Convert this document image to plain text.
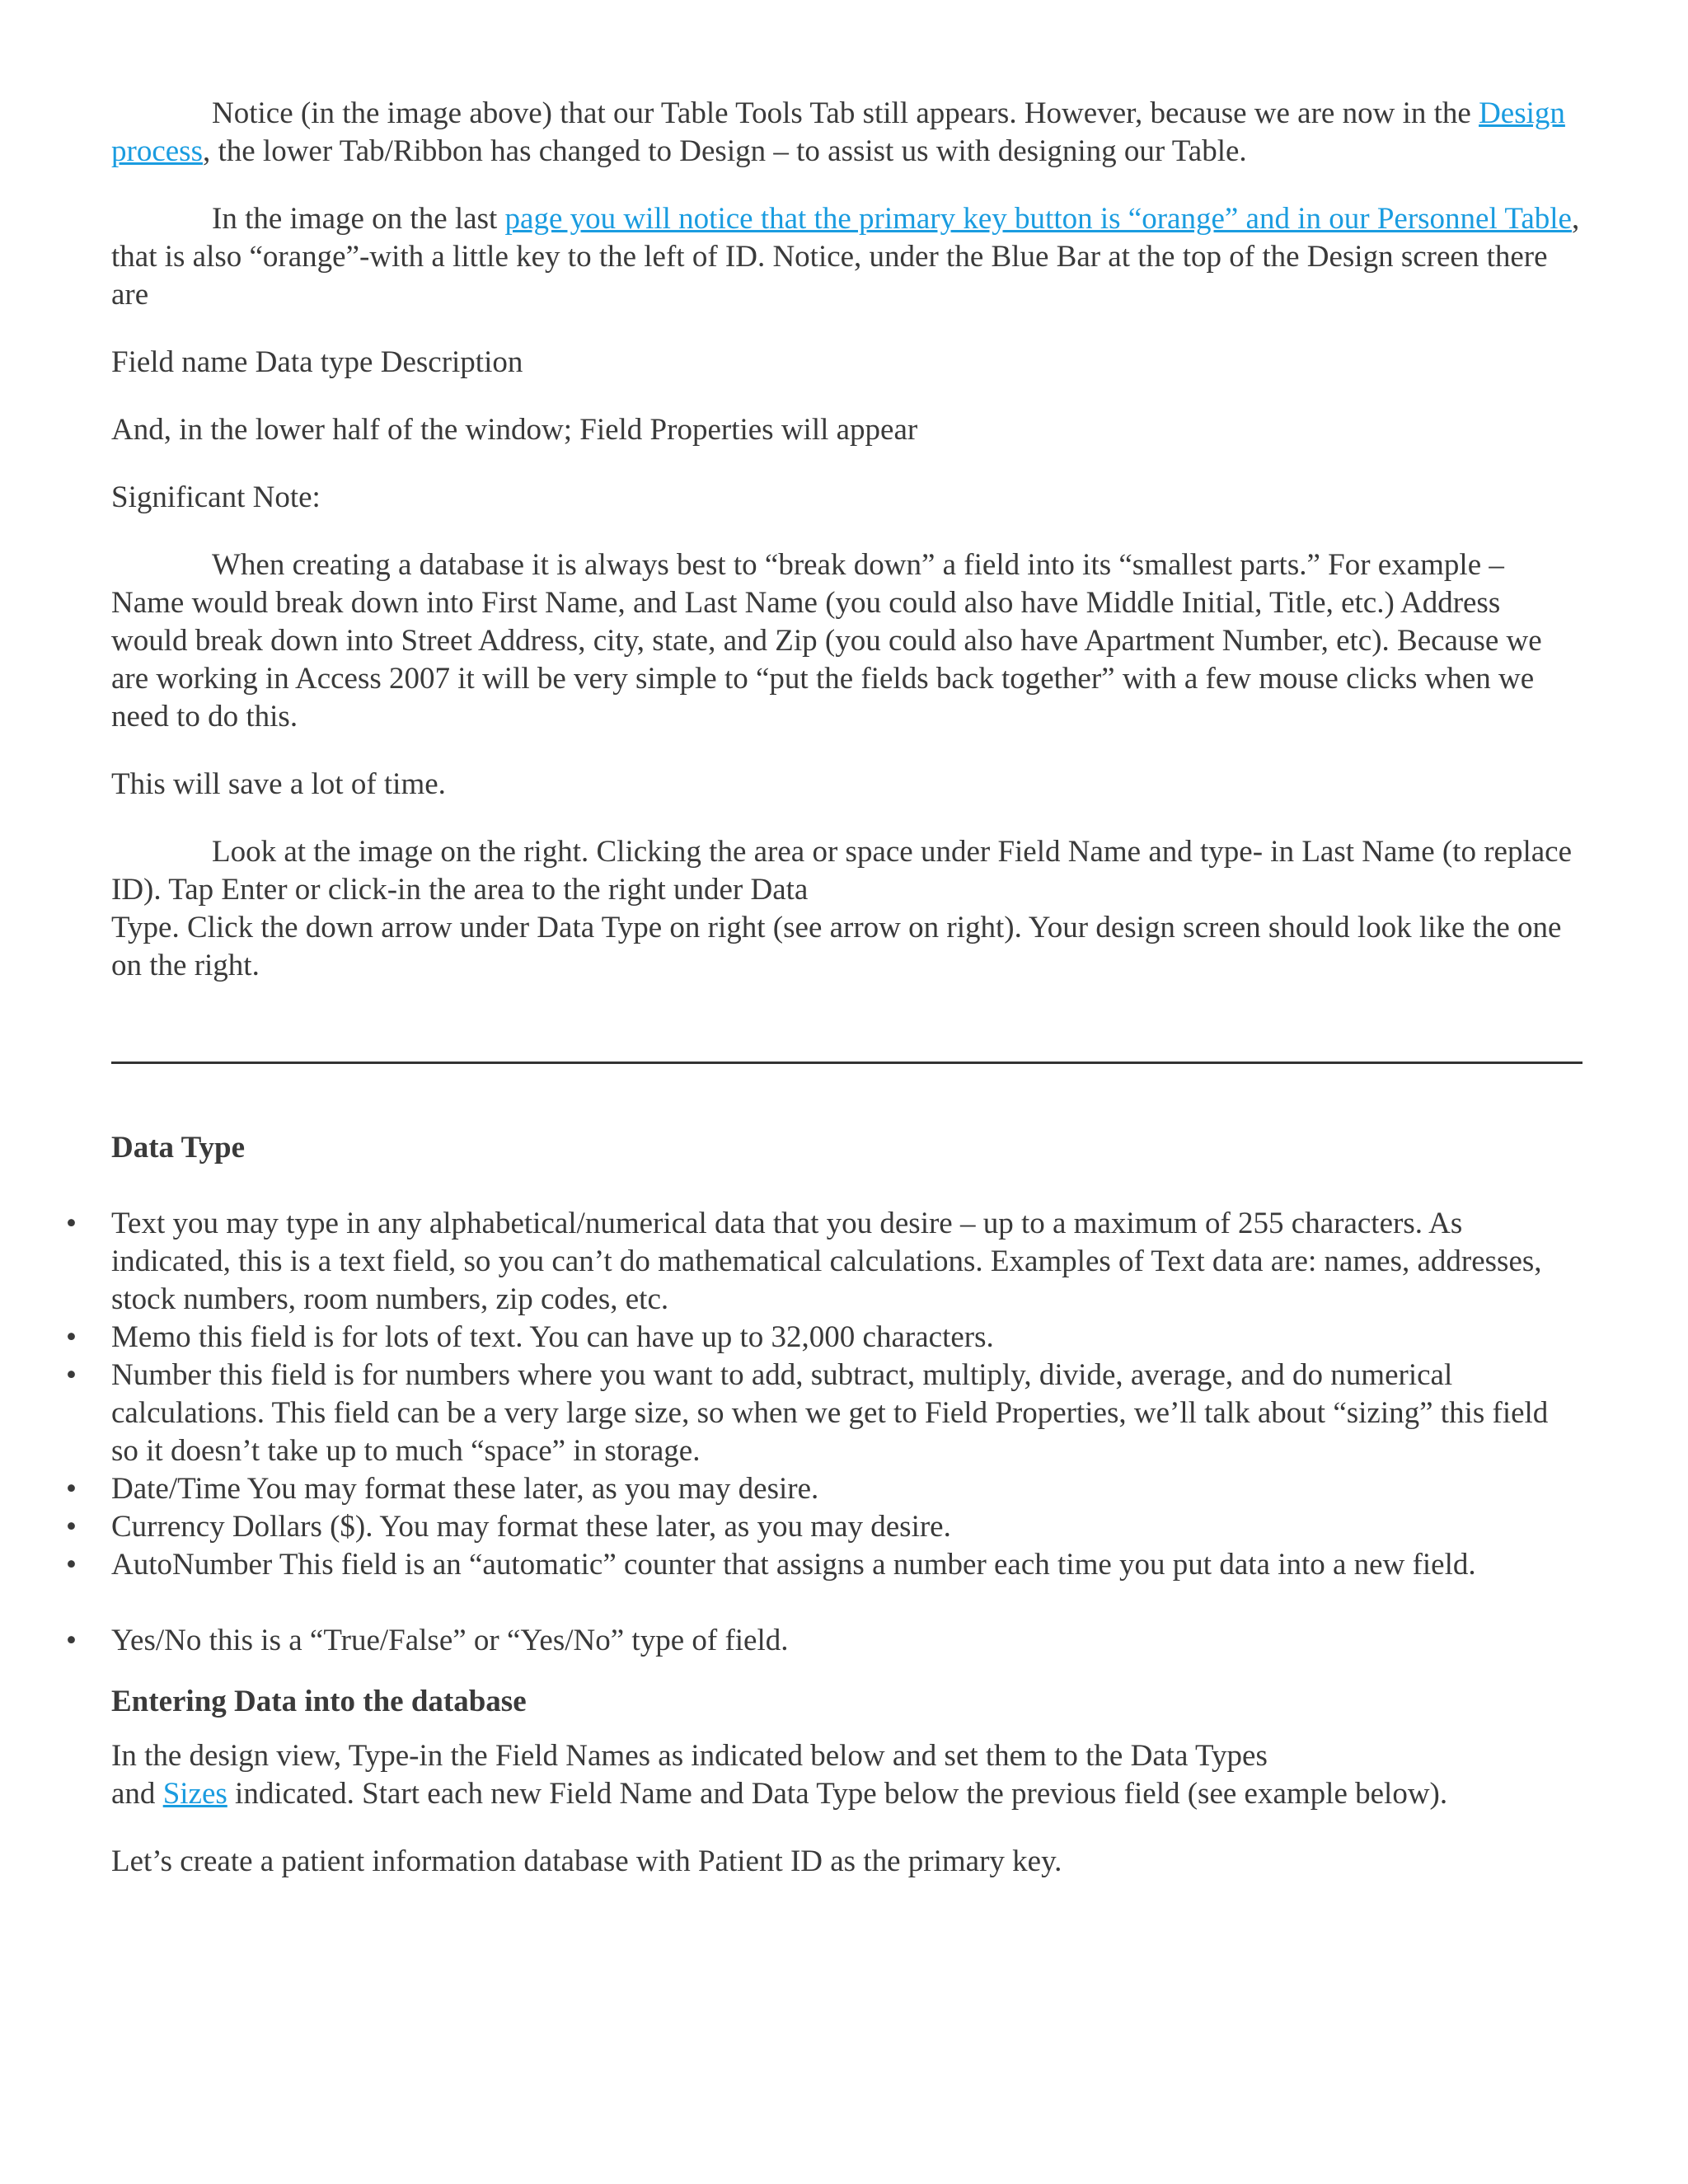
Notice (in the image above) that our Table Tools Tab still appears. However, because we are now in the Design process, the lower Tab/Ribbon has changed to Design – to assist us with designing our Table.

In the image on the last page you will notice that the primary key button is “orange” and in our Personnel Table, that is also “orange”-with a little key to the left of ID. Notice, under the Blue Bar at the top of the Design screen there are

Field name Data type Description

And, in the lower half of the window; Field Properties will appear

Significant Note:

When creating a database it is always best to “break down” a field into its “smallest parts.” For example – Name would break down into First Name, and Last Name (you could also have Middle Initial, Title, etc.) Address would break down into Street Address, city, state, and Zip (you could also have Apartment Number, etc). Because we are working in Access 2007 it will be very simple to “put the fields back together” with a few mouse clicks when we need to do this.

This will save a lot of time.

Look at the image on the right. Clicking the area or space under Field Name and type- in Last Name (to replace ID). Tap Enter or click-in the area to the right under Data
Type. Click the down arrow under Data Type on right (see arrow on right). Your design screen should look like the one on the right.

Data Type

• Text you may type in any alphabetical/numerical data that you desire – up to a maximum of 255 characters. As indicated, this is a text field, so you can’t do mathematical calculations. Examples of Text data are: names, addresses, stock numbers, room numbers, zip codes, etc.
• Memo this field is for lots of text. You can have up to 32,000 characters.
• Number this field is for numbers where you want to add, subtract, multiply, divide, average, and do numerical calculations. This field can be a very large size, so when we get to Field Properties, we’ll talk about “sizing” this field so it doesn’t take up to much “space” in storage.
• Date/Time You may format these later, as you may desire.
• Currency Dollars ($). You may format these later, as you may desire.
• AutoNumber This field is an “automatic” counter that assigns a number each time you put data into a new field.
• Yes/No this is a “True/False” or “Yes/No” type of field.

Entering Data into the database

In the design view, Type-in the Field Names as indicated below and set them to the Data Types
and Sizes indicated. Start each new Field Name and Data Type below the previous field (see example below).

Let’s create a patient information database with Patient ID as the primary key.
